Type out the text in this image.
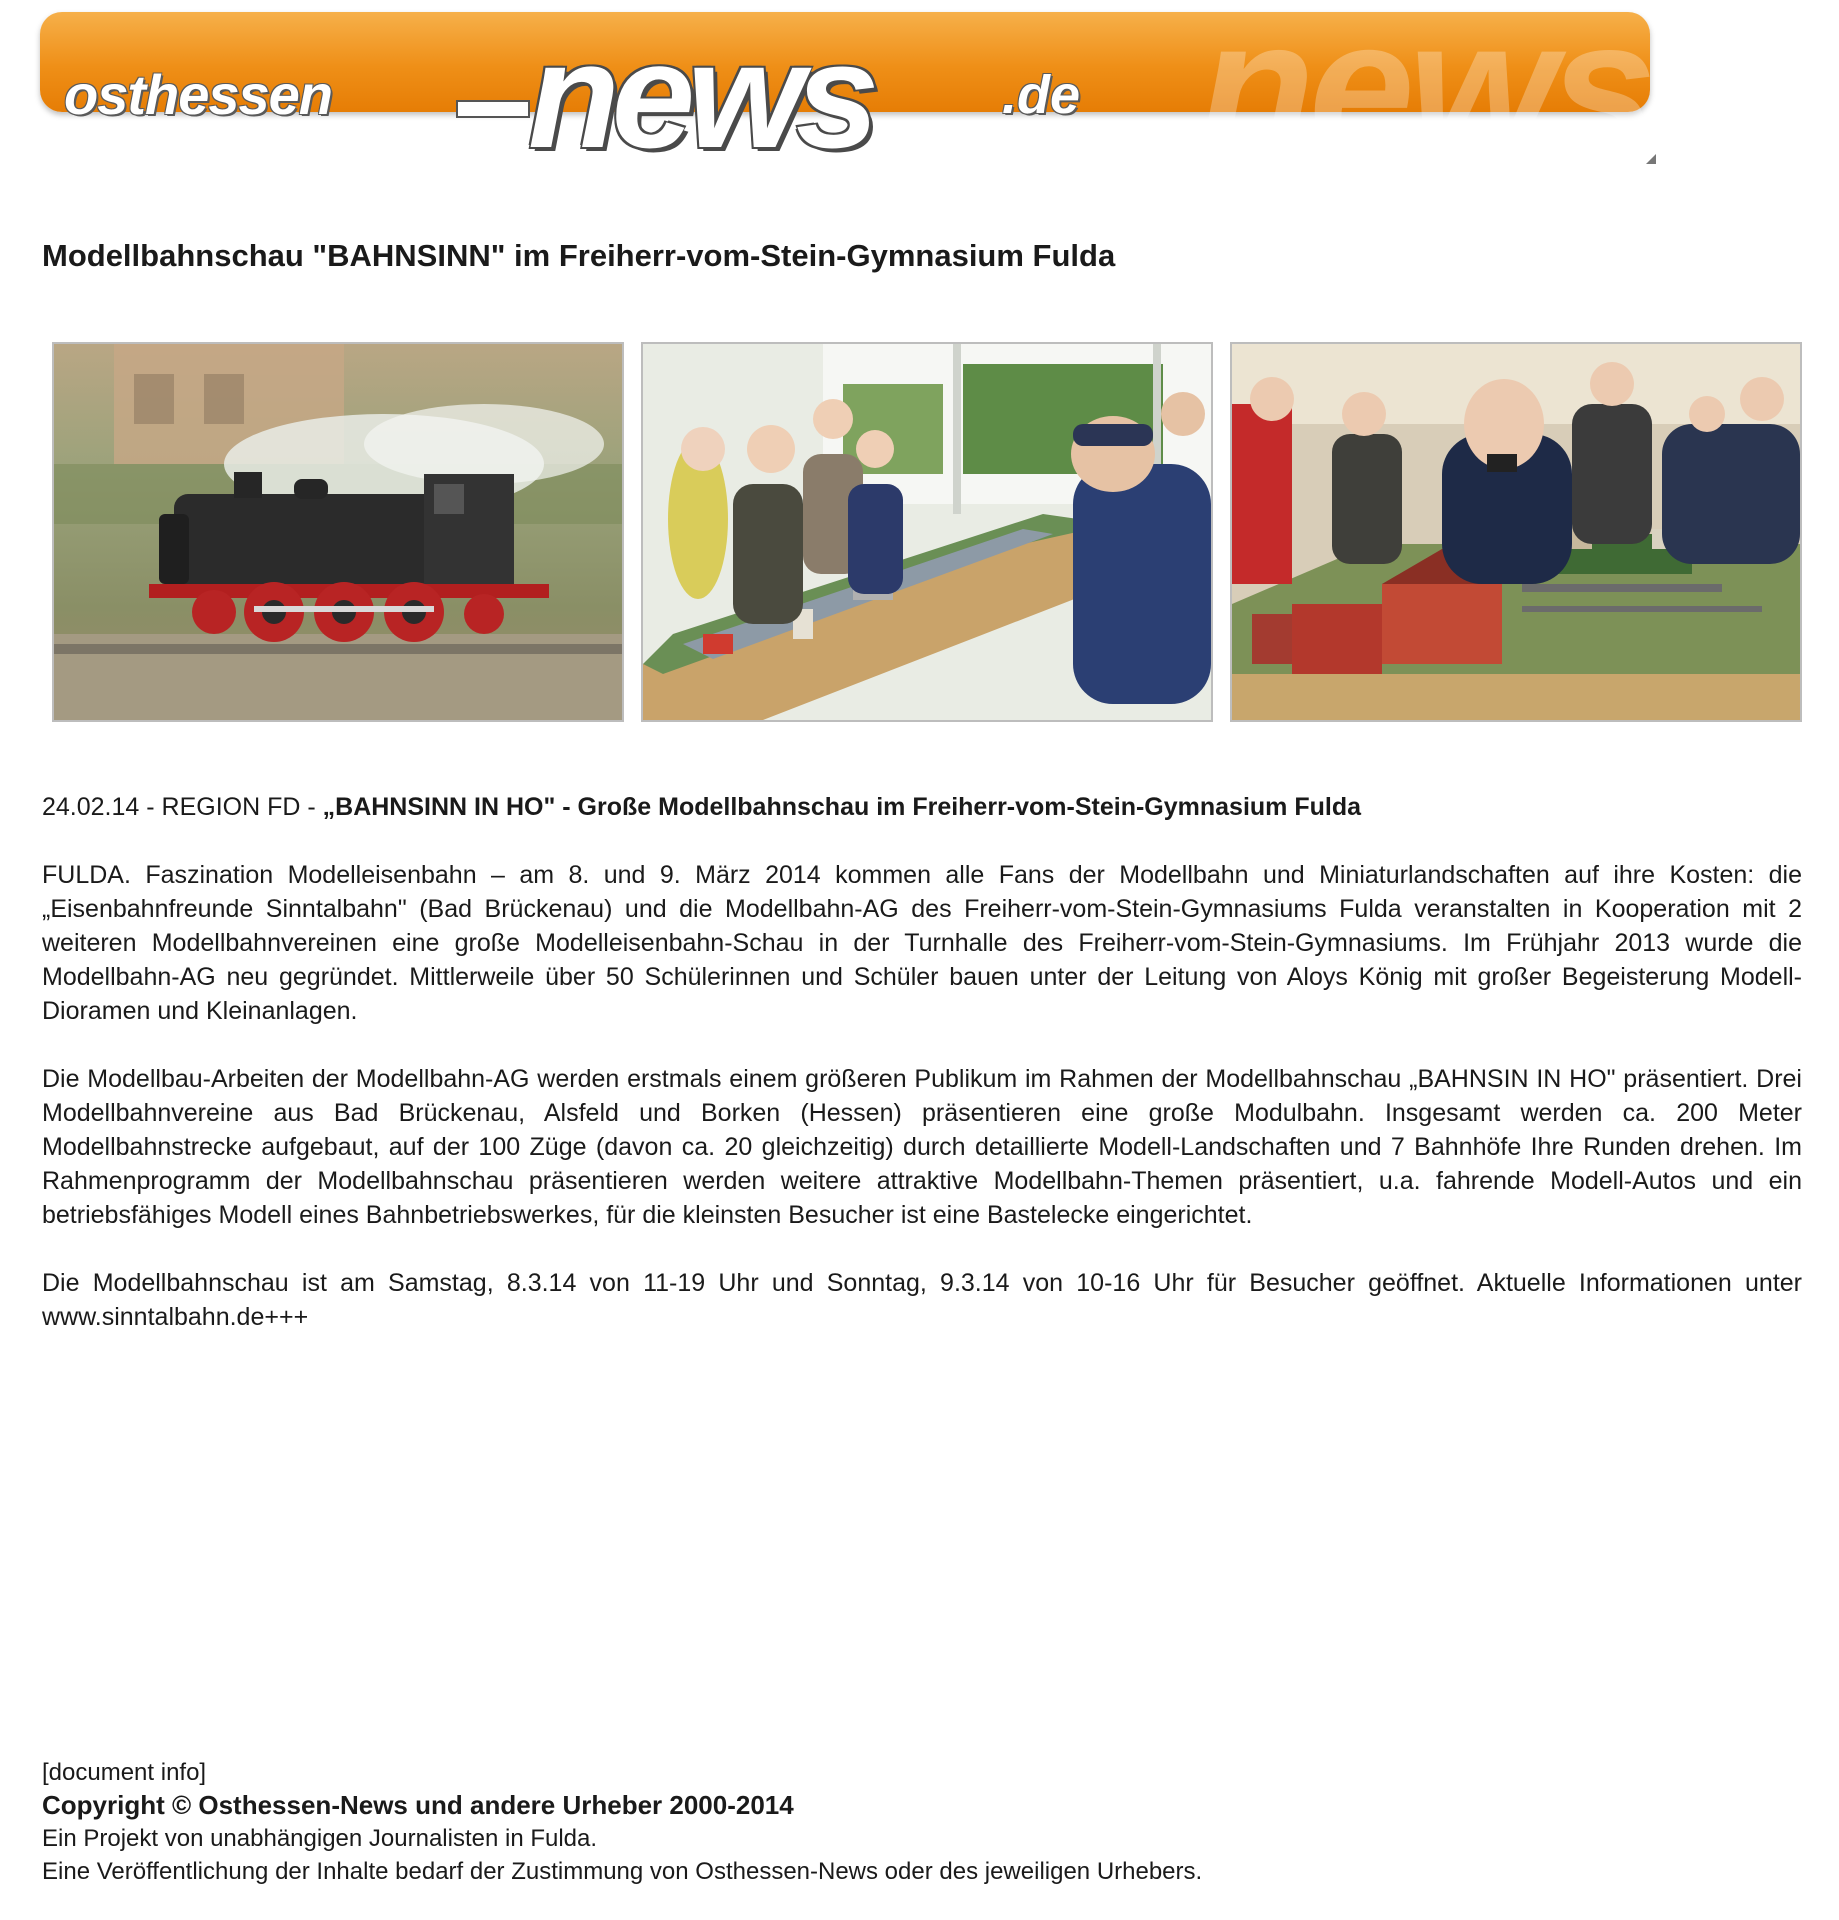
news
osthessen news .de
Modellbahnschau "BAHNSINN" im Freiherr-vom-Stein-Gymnasium Fulda

24.02.14 - REGION FD - „BAHNSINN IN HO" - Große Modellbahnschau im Freiherr-vom-Stein-Gymnasium Fulda

FULDA. Faszination Modelleisenbahn – am 8. und 9. März 2014 kommen alle Fans der Modellbahn und Miniaturlandschaften auf ihre Kosten: die „Eisenbahnfreunde Sinntalbahn" (Bad Brückenau) und die Modellbahn-AG des Freiherr-vom-Stein-Gymnasiums Fulda veranstalten in Kooperation mit 2 weiteren Modellbahnvereinen eine große Modelleisenbahn-Schau in der Turnhalle des Freiherr-vom-Stein-Gymnasiums. Im Frühjahr 2013 wurde die Modellbahn-AG neu gegründet. Mittlerweile über 50 Schülerinnen und Schüler bauen unter der Leitung von Aloys König mit großer Begeisterung Modell-Dioramen und Kleinanlagen.

Die Modellbau-Arbeiten der Modellbahn-AG werden erstmals einem größeren Publikum im Rahmen der Modellbahnschau „BAHNSIN IN HO" präsentiert. Drei Modellbahnvereine aus Bad Brückenau, Alsfeld und Borken (Hessen) präsentieren eine große Modulbahn. Insgesamt werden ca. 200 Meter Modellbahnstrecke aufgebaut, auf der 100 Züge (davon ca. 20 gleichzeitig) durch detaillierte Modell-Landschaften und 7 Bahnhöfe Ihre Runden drehen. Im Rahmenprogramm der Modellbahnschau präsentieren werden weitere attraktive Modellbahn-Themen präsentiert, u.a. fahrende Modell-Autos und ein betriebsfähiges Modell eines Bahnbetriebswerkes, für die kleinsten Besucher ist eine Bastelecke eingerichtet.

Die Modellbahnschau ist am Samstag, 8.3.14 von 11-19 Uhr und Sonntag, 9.3.14 von 10-16 Uhr für Besucher geöffnet. Aktuelle Informationen unter www.sinntalbahn.de+++

[document info]
Copyright © Osthessen-News und andere Urheber 2000-2014
Ein Projekt von unabhängigen Journalisten in Fulda.
Eine Veröffentlichung der Inhalte bedarf der Zustimmung von Osthessen-News oder des jeweiligen Urhebers.
